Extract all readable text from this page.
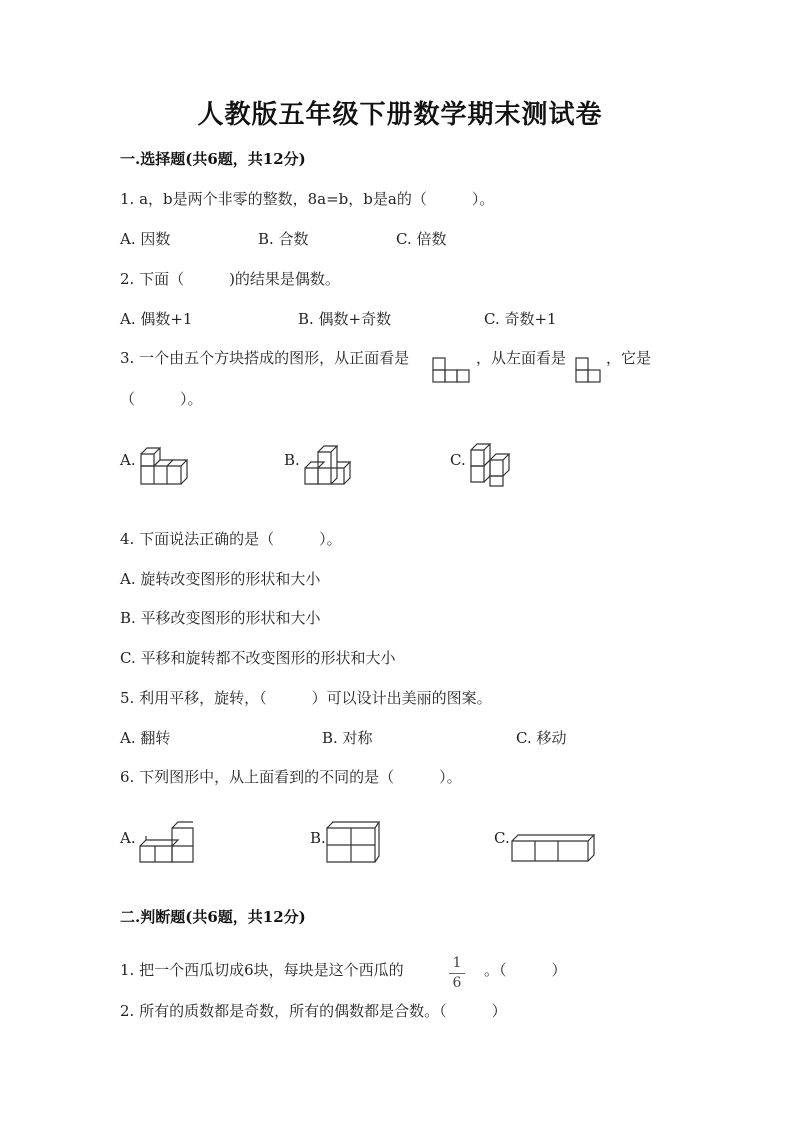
人教版五年级下册数学期末测试卷
一.选择题(共6题，共12分)
1. a，b是两个非零的整数，8a=b，b是a的（　　　）。
A. 因数	B. 合数	C. 倍数
2. 下面（　　　)的结果是偶数。
A. 偶数+1	B. 偶数+奇数	C. 奇数+1
3. 一个由五个方块搭成的图形，从正面看是	，从左面看是	，它是
（　　　）。
A.	B.	C.
4. 下面说法正确的是（　　　）。
A. 旋转改变图形的形状和大小
B. 平移改变图形的形状和大小
C. 平移和旋转都不改变图形的形状和大小
5. 利用平移，旋转，（　　　）可以设计出美丽的图案。
A. 翻转	B. 对称	C. 移动
6. 下列图形中，从上面看到的不同的是（　　　）。
A.	B.	C.
二.判断题(共6题，共12分)
1. 把一个西瓜切成6块，每块是这个西瓜的	1
6
。（　　　）
2. 所有的质数都是奇数，所有的偶数都是合数。（　　　）
